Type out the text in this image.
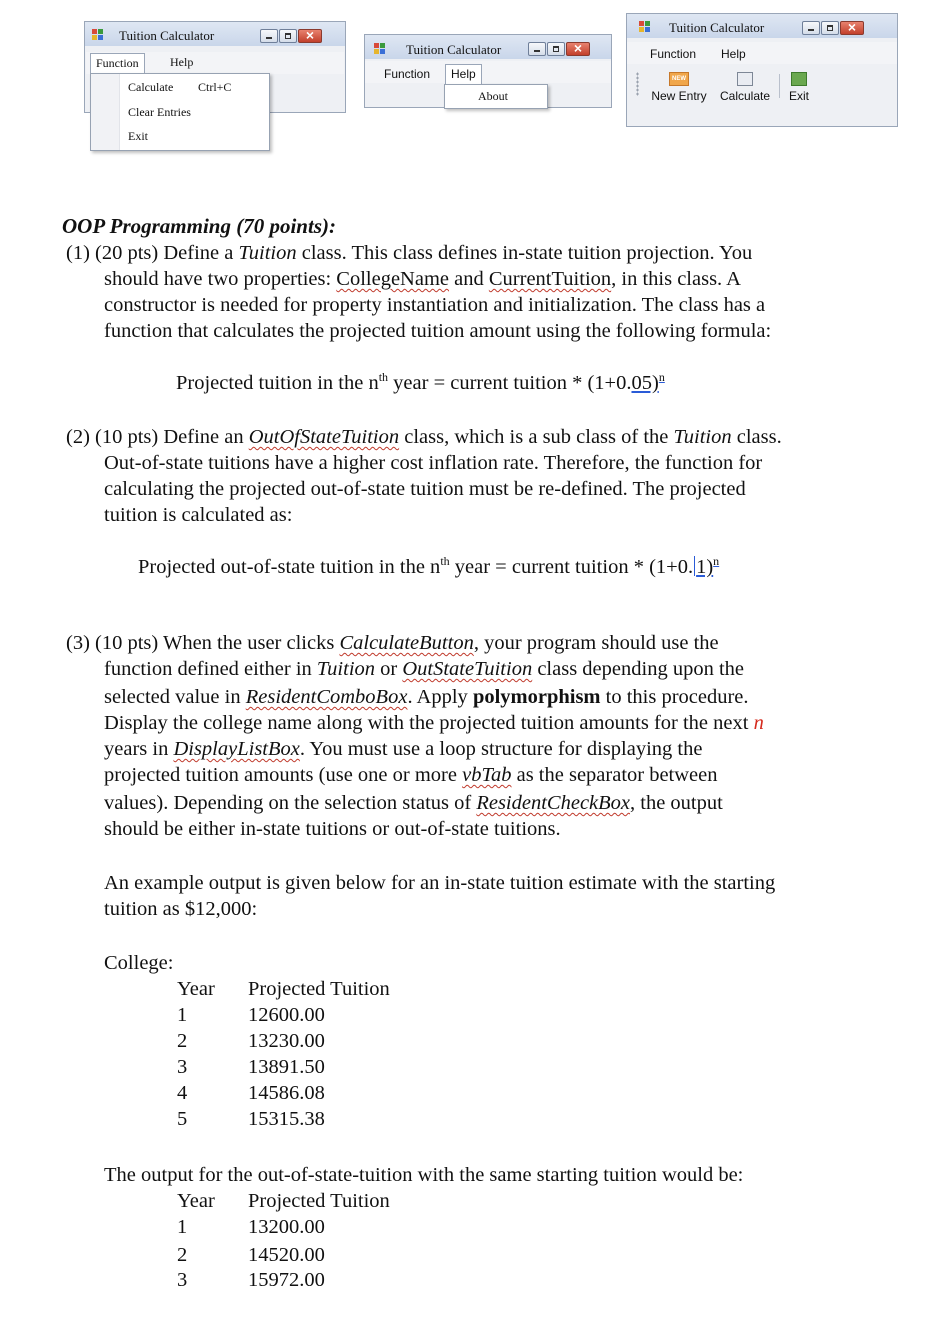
Tuition Calculator
×
Function	Help
Calculate Ctrl+C
Clear Entries
Exit
Tuition Calculator
×
Function	Help
About
Tuition Calculator
×
Function	Help
NEW
New Entry	Calculate	Exit
OOP Programming (70 points):
(1) (20 pts) Define a Tuition class. This class defines in-state tuition projection. You
should have two properties: CollegeName and CurrentTuition, in this class. A
constructor is needed for property instantiation and initialization. The class has a
function that calculates the projected tuition amount using the following formula:
Projected tuition in the $n^{th}$ year = current tuition * $(1+0.05)^n$
(2) (10 pts) Define an OutOfStateTuition class, which is a sub class of the Tuition class.
Out-of-state tuitions have a higher cost inflation rate. Therefore, the function for
calculating the projected out-of-state tuition must be re-defined. The projected
tuition is calculated as:
Projected out-of-state tuition in the $n^{th}$ year = current tuition * (1+0. 1)$^n$
(3) (10 pts) When the user clicks CalculateButton, your program should use the
function defined either in Tuition or OutStateTuition class depending upon the
selected value in ResidentComboBox. Apply polymorphism to this procedure.
Display the college name along with the projected tuition amounts for the next n
years in DisplayListBox. You must use a loop structure for displaying the
projected tuition amounts (use one or more vbTab as the separator between
values). Depending on the selection status of ResidentCheckBox, the output
should be either in-state tuitions or out-of-state tuitions.
An example output is given below for an in-state tuition estimate with the starting
tuition as $12,000:
College:
Year Projected Tuition
1	12600.00
2	13230.00
3	13891.50
4	14586.08
5	15315.38
The output for the out-of-state-tuition with the same starting tuition would be:
Year Projected Tuition
1	13200.00
2	14520.00
3	15972.00
